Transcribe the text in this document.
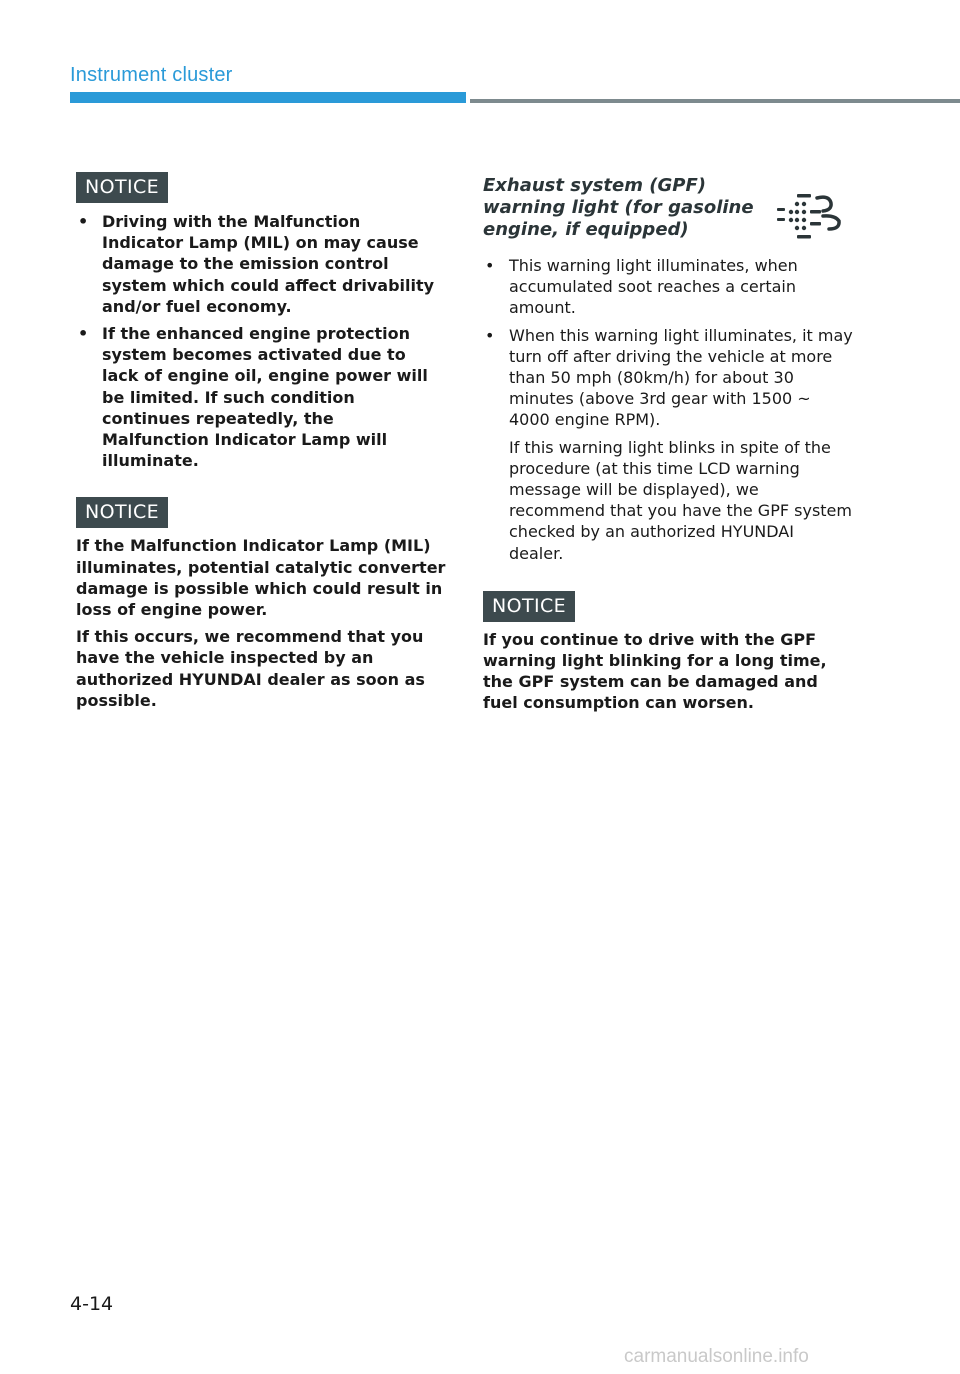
Instrument cluster
NOTICE
• Driving with the Malfunction Indicator Lamp (MIL) on may cause damage to the emission control system which could affect drivability and/or fuel economy.
• If the enhanced engine protection system becomes activated due to lack of engine oil, engine power will be limited. If such condition continues repeatedly, the Malfunction Indicator Lamp will illuminate.
NOTICE

If the Malfunction Indicator Lamp (MIL) illuminates, potential catalytic converter damage is possible which could result in loss of engine power.

If this occurs, we recommend that you have the vehicle inspected by an authorized HYUNDAI dealer as soon as possible.

Exhaust system (GPF) warning light (for gasoline engine, if equipped)
• This warning light illuminates, when accumulated soot reaches a certain amount.
• When this warning light illuminates, it may turn off after driving the vehicle at more than 50 mph (80km/h) for about 30 minutes (above 3rd gear with 1500 ~ 4000 engine RPM).

If this warning light blinks in spite of the procedure (at this time LCD warning message will be displayed), we recommend that you have the GPF system checked by an authorized HYUNDAI dealer.

NOTICE

If you continue to drive with the GPF warning light blinking for a long time, the GPF system can be damaged and fuel consumption can worsen.

4-14
carmanualsonline.info
